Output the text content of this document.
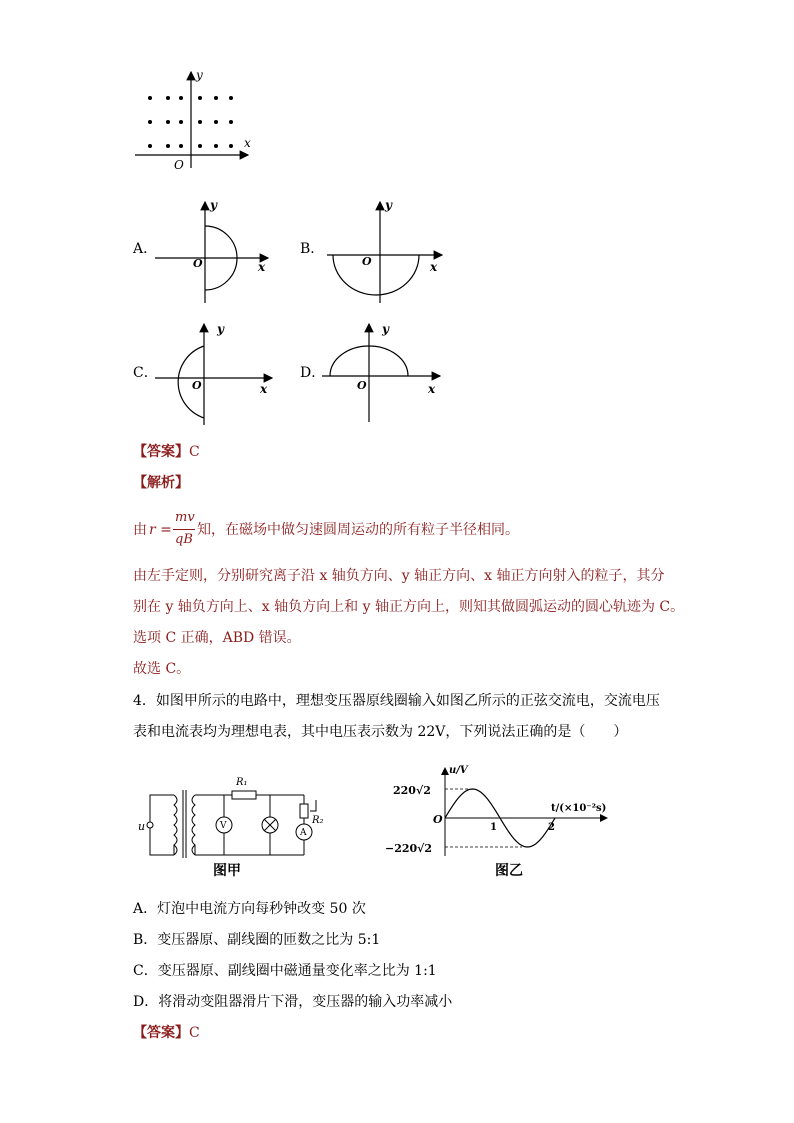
y
x
O
A．
y
x
O
B．
y
x
O
C．
y
x
O
D．
y
x
O
【答案】C
【解析】
由 r =
mv
qB
知，在磁场中做匀速圆周运动的所有粒子半径相同。
由左手定则，分别研究离子沿 x 轴负方向、y 轴正方向、x 轴正方向射入的粒子，其分
别在 y 轴负方向上、x 轴负方向上和 y 轴正方向上，则知其做圆弧运动的圆心轨迹为 C。
选项 C 正确，ABD 错误。
故选 C。
4．如图甲所示的电路中，理想变压器原线圈输入如图乙所示的正弦交流电，交流电压
表和电流表均为理想电表，其中电压表示数为 22V，下列说法正确的是（　　）
u
R₁
R₂
V
A
图甲
u/V
t/(×10⁻²s)
O
220√2
−220√2
1	2
图乙
A．灯泡中电流方向每秒钟改变 50 次
B．变压器原、副线圈的匝数之比为 5:1
C．变压器原、副线圈中磁通量变化率之比为 1:1
D．将滑动变阻器滑片下滑，变压器的输入功率减小
【答案】C
